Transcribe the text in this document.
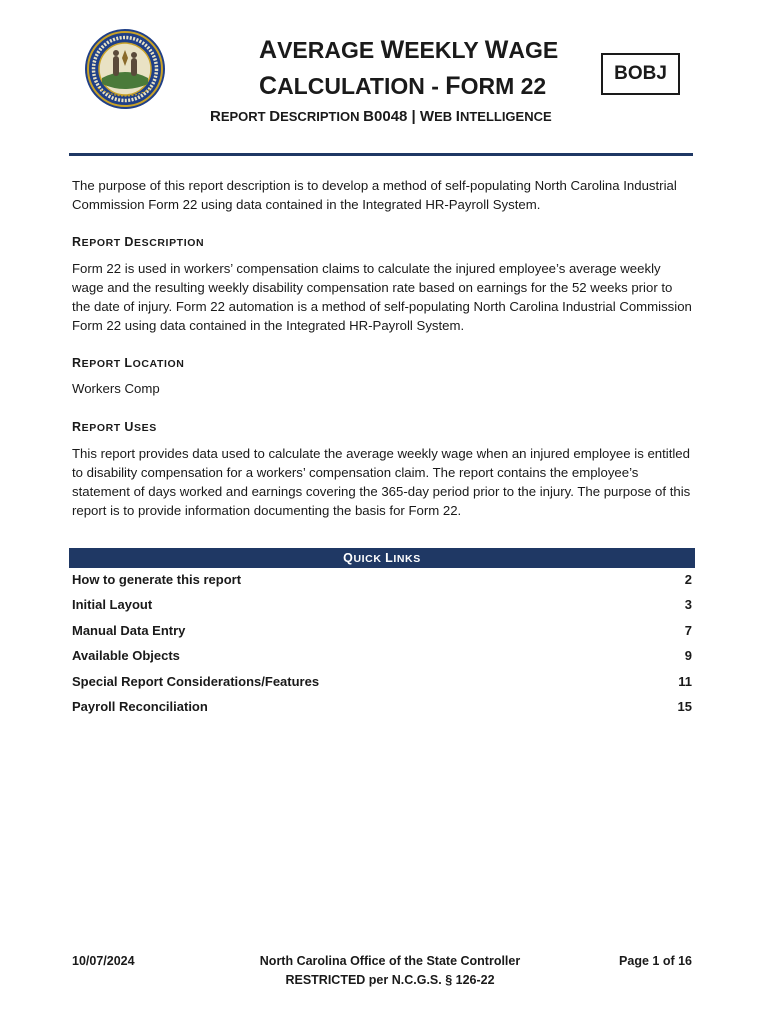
AVERAGE WEEKLY WAGE
CALCULATION - FORM 22	BOBJ
REPORT DESCRIPTION B0048 | WEB INTELLIGENCE

The purpose of this report description is to develop a method of self-populating North Carolina Industrial Commission Form 22 using data contained in the Integrated HR-Payroll System.

REPORT DESCRIPTION

Form 22 is used in workers’ compensation claims to calculate the injured employee’s average weekly wage and the resulting weekly disability compensation rate based on earnings for the 52 weeks prior to the date of injury. Form 22 automation is a method of self-populating North Carolina Industrial Commission Form 22 using data contained in the Integrated HR-Payroll System.

REPORT LOCATION

Workers Comp

REPORT USES

This report provides data used to calculate the average weekly wage when an injured employee is entitled to disability compensation for a workers’ compensation claim. The report contains the employee’s statement of days worked and earnings covering the 365-day period prior to the injury. The purpose of this report is to provide information documenting the basis for Form 22.

QUICK LINKS
How to generate this report	2
Initial Layout	3
Manual Data Entry	7
Available Objects	9
Special Report Considerations/Features	11
Payroll Reconciliation	15
10/07/2024	North Carolina Office of the State Controller
RESTRICTED per N.C.G.S. § 126-22
Page 1 of 16
